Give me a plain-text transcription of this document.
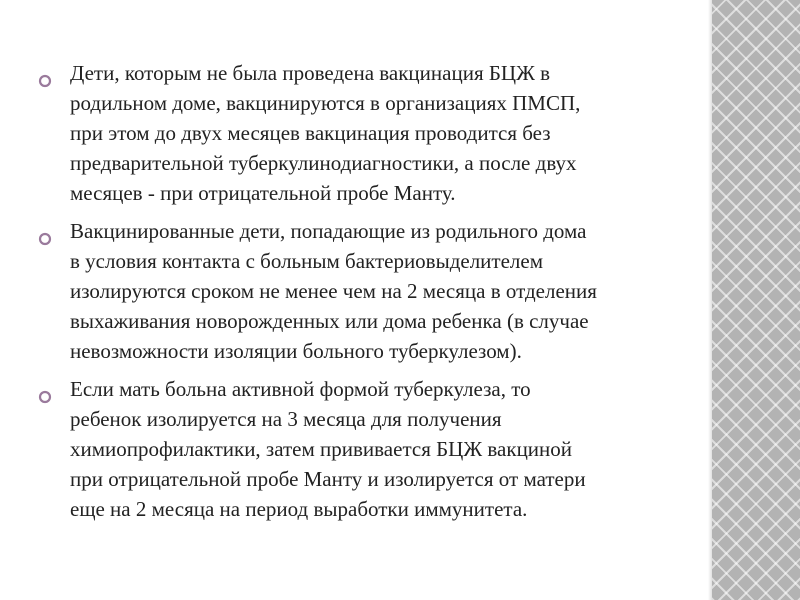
Дети, которым не была проведена вакцинация БЦЖ в
родильном доме, вакцинируются в организациях ПМСП,
при этом до двух месяцев вакцинация проводится без
предварительной туберкулинодиагностики, а после двух
месяцев - при отрицательной пробе Манту.
Вакцинированные дети, попадающие из родильного дома
в условия контакта с больным бактериовыделителем
изолируются сроком не менее чем на 2 месяца в отделения
выхаживания новорожденных или дома ребенка (в случае
невозможности изоляции больного туберкулезом).
Если мать больна активной формой туберкулеза, то
ребенок изолируется на 3 месяца для получения
химиопрофилактики, затем прививается БЦЖ вакциной
при отрицательной пробе Манту и изолируется от матери
еще на 2 месяца на период выработки иммунитета.
